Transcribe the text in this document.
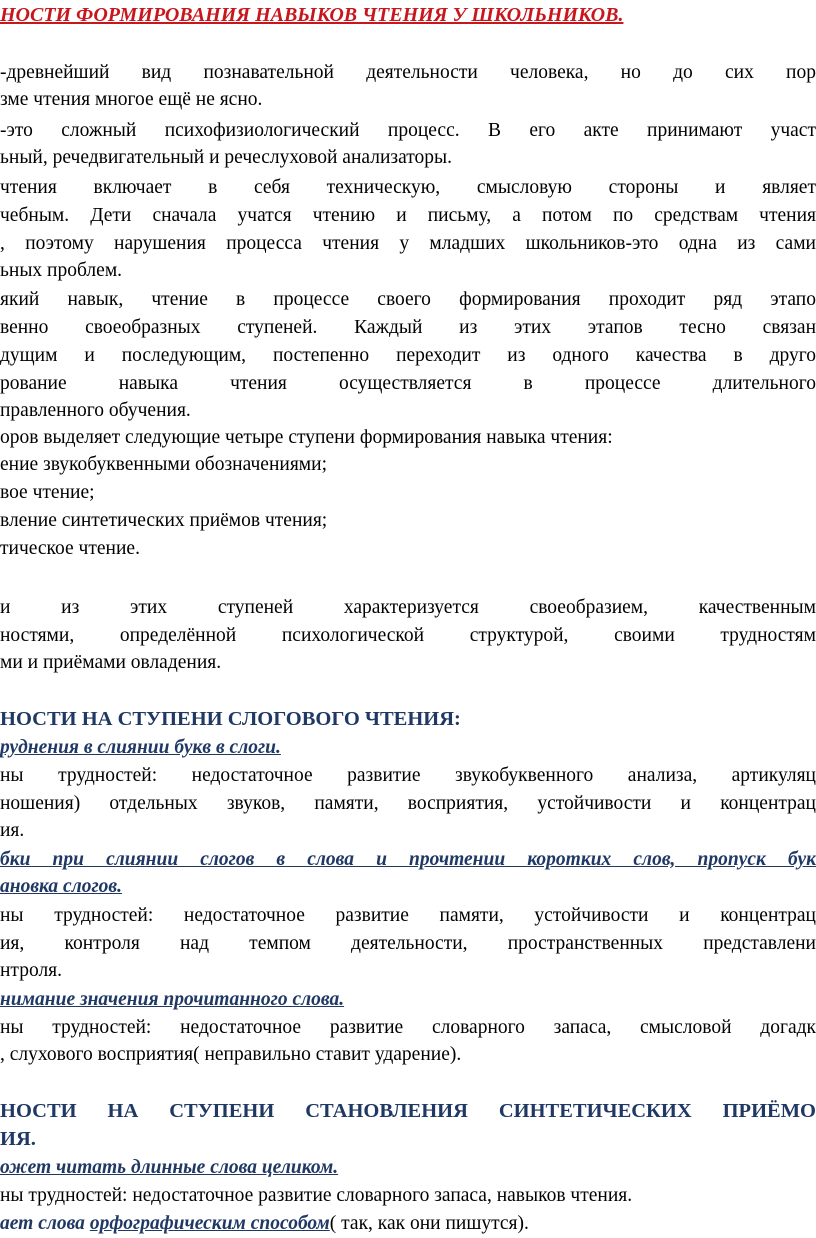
НОСТИ ФОРМИРОВАНИЯ НАВЫКОВ ЧТЕНИЯ У ШКОЛЬНИКОВ.
-древнейший вид познавательной деятельности человека, но до сих пор
зме чтения многое ещё не ясно.
-это сложный психофизиологический процесс. В его акте принимают участ
ьный, речедвигательный и речеслуховой анализаторы.
чтения включает в себя техническую, смысловую стороны и являет
чебным. Дети сначала учатся чтению и письму, а потом по средствам чтения
, поэтому нарушения процесса чтения у младших школьников-это одна из сами
ьных проблем.
який навык, чтение в процессе своего формирования проходит ряд этапо
венно своеобразных ступеней. Каждый из этих этапов тесно связан
дущим и последующим, постепенно переходит из одного качества в друго
рование навыка чтения осуществляется в процессе длительного
правленного обучения.
оров выделяет следующие четыре ступени формирования навыка чтения:
ение звукобуквенными обозначениями;
вое чтение;
вление синтетических приёмов чтения;
тическое чтение.
и из этих ступеней характеризуется своеобразием, качественным
ностями, определённой психологической структурой, своими трудностям
ми и приёмами овладения.
НОСТИ НА СТУПЕНИ СЛОГОВОГО ЧТЕНИЯ:
руднения в слиянии букв в слоги.
ны трудностей: недостаточное развитие звукобуквенного анализа, артикуляц
ношения) отдельных звуков, памяти, восприятия, устойчивости и концентрац
ия.
бки при слиянии слогов в слова и прочтении коротких слов, пропуск бук
ановка слогов.
ны трудностей: недостаточное развитие памяти, устойчивости и концентрац
ия, контроля над темпом деятельности, пространственных представлени
нтроля.
нимание значения прочитанного слова.
ны трудностей: недостаточное развитие словарного запаса, смысловой догадк
, слухового восприятия( неправильно ставит ударение).
НОСТИ НА СТУПЕНИ СТАНОВЛЕНИЯ СИНТЕТИЧЕСКИХ ПРИЁМО
ИЯ.
ожет читать длинные слова целиком.
ны трудностей: недостаточное развитие словарного запаса, навыков чтения.
ает слова орфографическим способом( так, как они пишутся).
